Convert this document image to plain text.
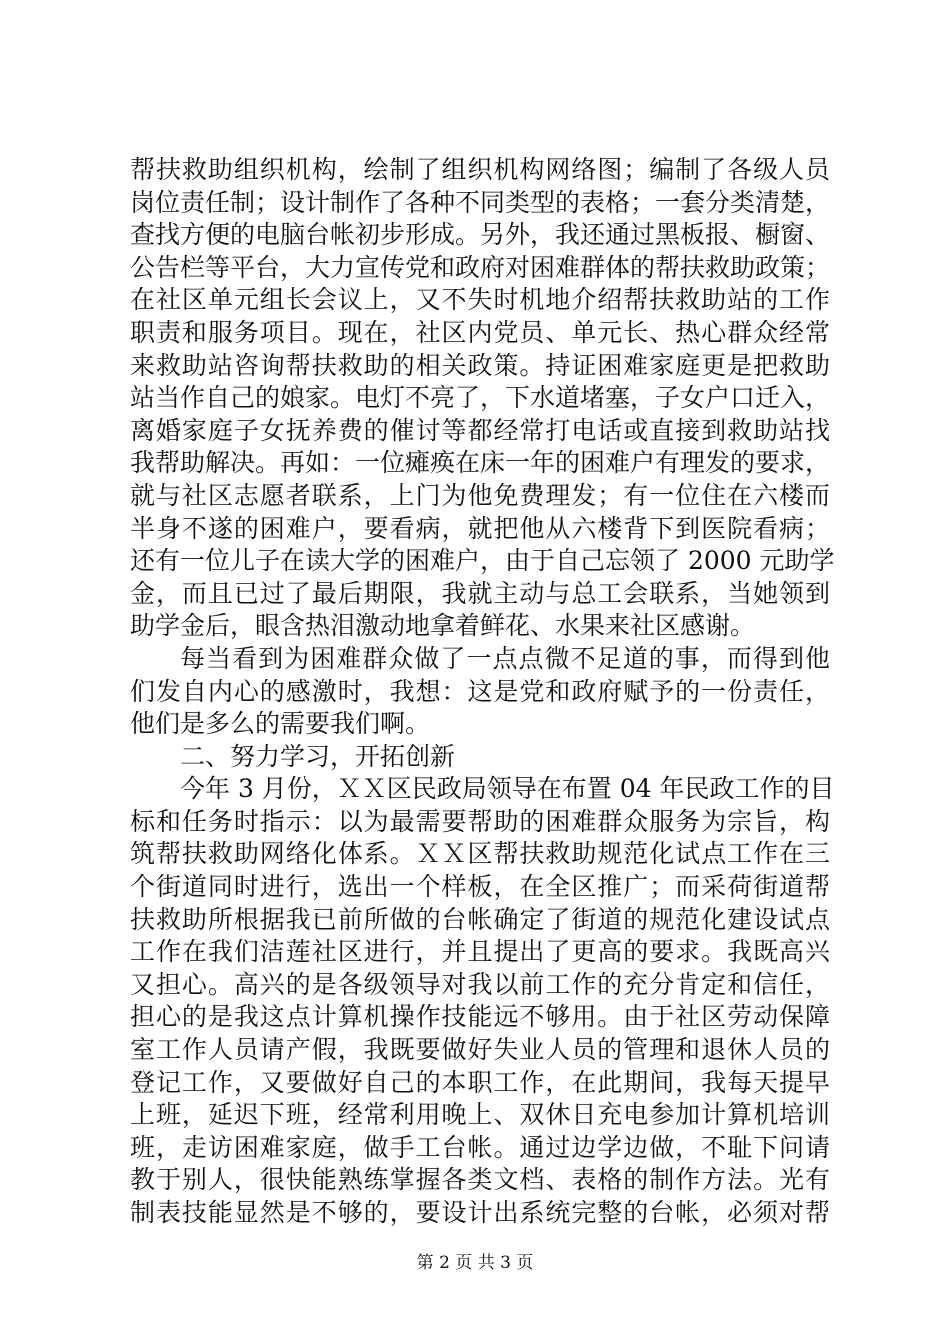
帮扶救助组织机构，绘制了组织机构网络图；编制了各级人员
岗位责任制；设计制作了各种不同类型的表格；一套分类清楚，
查找方便的电脑台帐初步形成。另外，我还通过黑板报、橱窗、
公告栏等平台，大力宣传党和政府对困难群体的帮扶救助政策；
在社区单元组长会议上，又不失时机地介绍帮扶救助站的工作
职责和服务项目。现在，社区内党员、单元长、热心群众经常
来救助站咨询帮扶救助的相关政策。持证困难家庭更是把救助
站当作自己的娘家。电灯不亮了，下水道堵塞，子女户口迁入，
离婚家庭子女抚养费的催讨等都经常打电话或直接到救助站找
我帮助解决。再如：一位瘫痪在床一年的困难户有理发的要求，
就与社区志愿者联系，上门为他免费理发；有一位住在六楼而
半身不遂的困难户，要看病，就把他从六楼背下到医院看病；
还有一位儿子在读大学的困难户，由于自己忘领了 2000 元助学
金，而且已过了最后期限，我就主动与总工会联系，当她领到
助学金后，眼含热泪激动地拿着鲜花、水果来社区感谢。
每当看到为困难群众做了一点点微不足道的事，而得到他
们发自内心的感激时，我想：这是党和政府赋予的一份责任，
他们是多么的需要我们啊。
二、努力学习，开拓创新
今年 3 月份，ＸＸ区民政局领导在布置 04 年民政工作的目
标和任务时指示：以为最需要帮助的困难群众服务为宗旨，构
筑帮扶救助网络化体系。ＸＸ区帮扶救助规范化试点工作在三
个街道同时进行，选出一个样板，在全区推广；而采荷街道帮
扶救助所根据我已前所做的台帐确定了街道的规范化建设试点
工作在我们洁莲社区进行，并且提出了更高的要求。我既高兴
又担心。高兴的是各级领导对我以前工作的充分肯定和信任，
担心的是我这点计算机操作技能远不够用。由于社区劳动保障
室工作人员请产假，我既要做好失业人员的管理和退休人员的
登记工作，又要做好自己的本职工作，在此期间，我每天提早
上班，延迟下班，经常利用晚上、双休日充电参加计算机培训
班，走访困难家庭，做手工台帐。通过边学边做，不耻下问请
教于别人，很快能熟练掌握各类文档、表格的制作方法。光有
制表技能显然是不够的，要设计出系统完整的台帐，必须对帮
第 2 页 共 3 页
